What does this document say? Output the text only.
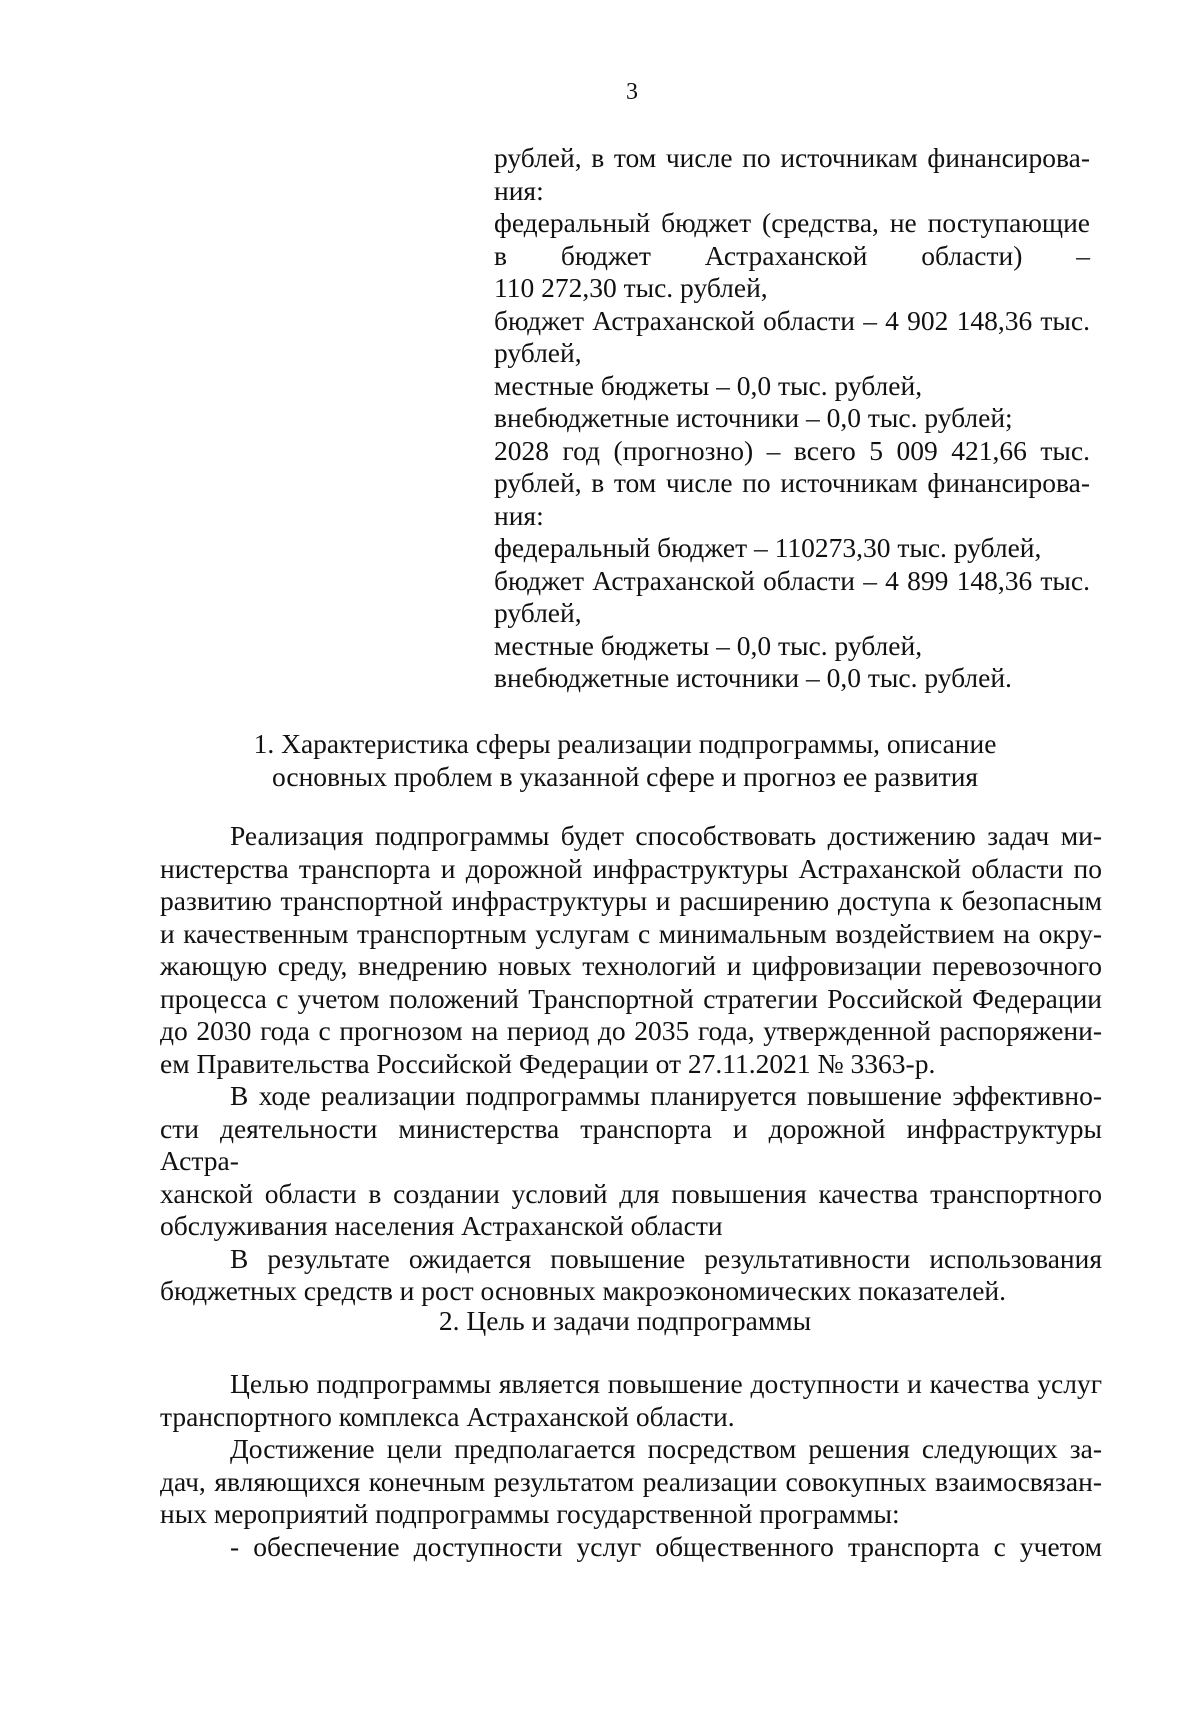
3
рублей, в том числе по источникам финансирова-
ния:
федеральный бюджет (средства, не поступающие
в бюджет Астраханской области) –
110 272,30 тыс. рублей,
бюджет Астраханской области – 4 902 148,36 тыс.
рублей,
местные бюджеты – 0,0 тыс. рублей,
внебюджетные источники – 0,0 тыс. рублей;
2028 год (прогнозно) – всего 5 009 421,66 тыс.
рублей, в том числе по источникам финансирова-
ния:
федеральный бюджет – 110273,30 тыс. рублей,
бюджет Астраханской области – 4 899 148,36 тыс.
рублей,
местные бюджеты – 0,0 тыс. рублей,
внебюджетные источники – 0,0 тыс. рублей.
1. Характеристика сферы реализации подпрограммы, описание
основных проблем в указанной сфере и прогноз ее развития
Реализация подпрограммы будет способствовать достижению задач ми-
нистерства транспорта и дорожной инфраструктуры Астраханской области по
развитию транспортной инфраструктуры и расширению доступа к безопасным
и качественным транспортным услугам с минимальным воздействием на окру-
жающую среду, внедрению новых технологий и цифровизации перевозочного
процесса с учетом положений Транспортной стратегии Российской Федерации
до 2030 года с прогнозом на период до 2035 года, утвержденной распоряжени-
ем Правительства Российской Федерации от 27.11.2021 № 3363-р.
В ходе реализации подпрограммы планируется повышение эффективно-
сти деятельности министерства транспорта и дорожной инфраструктуры Астра-
ханской области в создании условий для повышения качества транспортного
обслуживания населения Астраханской области
В результате ожидается повышение результативности использования
бюджетных средств и рост основных макроэкономических показателей.
2. Цель и задачи подпрограммы
Целью подпрограммы является повышение доступности и качества услуг
транспортного комплекса Астраханской области.
Достижение цели предполагается посредством решения следующих за-
дач, являющихся конечным результатом реализации совокупных взаимосвязан-
ных мероприятий подпрограммы государственной программы:
- обеспечение доступности услуг общественного транспорта с учетом
